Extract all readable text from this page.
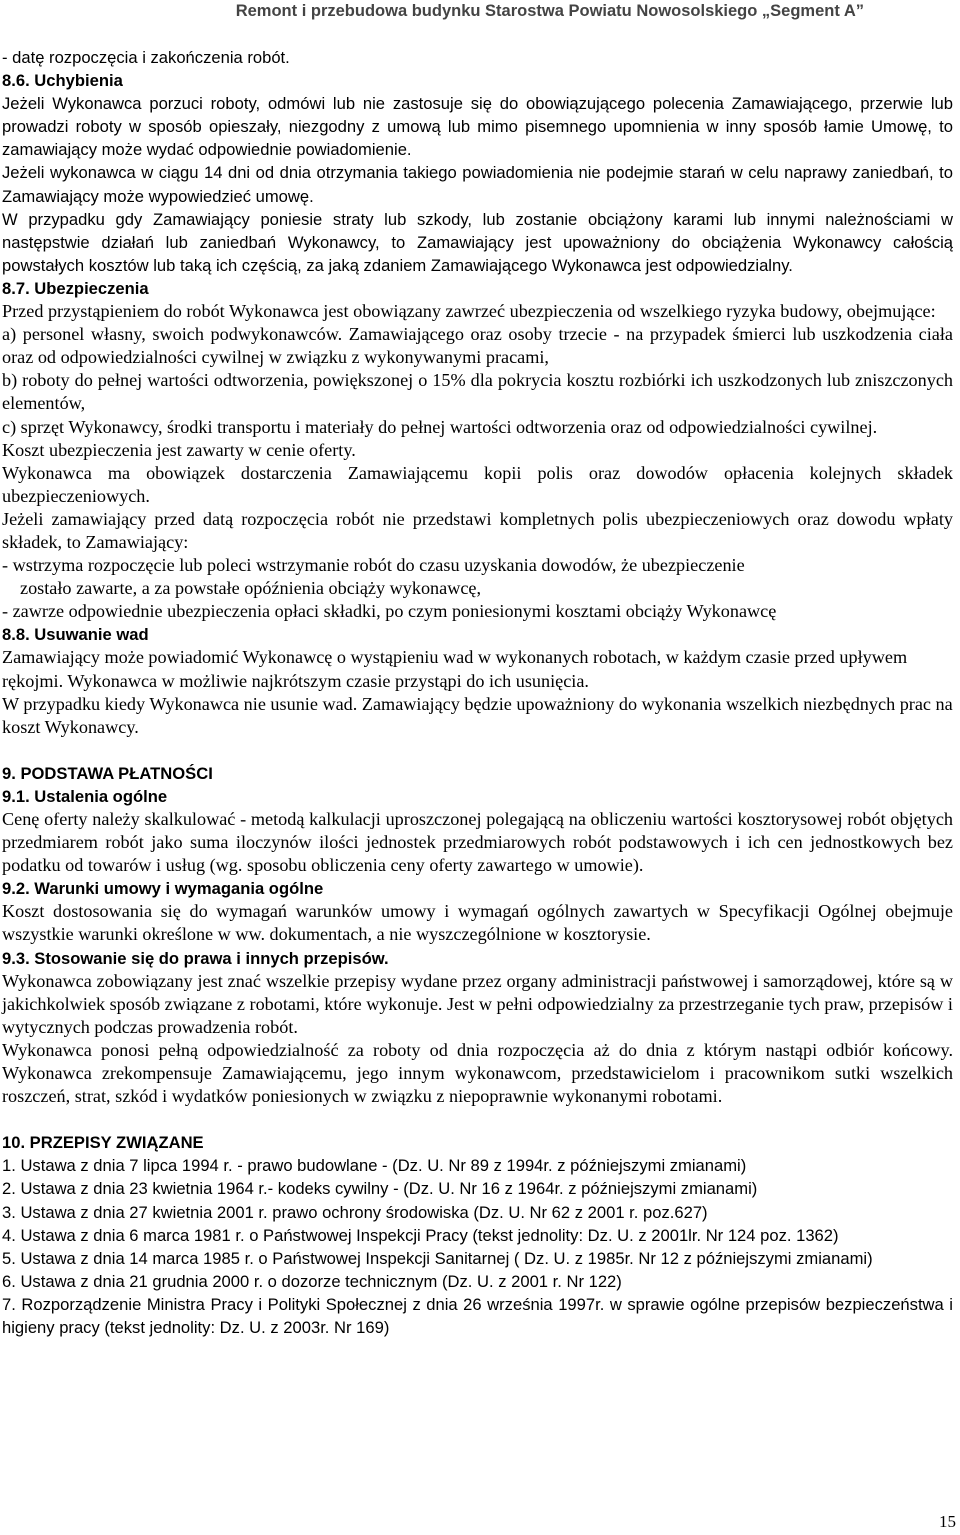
Remont i przebudowa budynku Starostwa Powiatu Nowosolskiego „Segment A”
- datę rozpoczęcia i zakończenia robót.
8.6. Uchybienia
Jeżeli Wykonawca porzuci roboty, odmówi lub nie zastosuje się do obowiązującego polecenia Zamawiającego, przerwie lub prowadzi roboty w sposób opieszały, niezgodny z umową lub mimo pisemnego upomnienia w inny sposób łamie Umowę, to zamawiający może wydać odpowiednie powiadomienie.
Jeżeli wykonawca w ciągu 14 dni od dnia otrzymania takiego powiadomienia nie podejmie starań w celu naprawy zaniedbań, to Zamawiający może wypowiedzieć umowę.
W przypadku gdy Zamawiający poniesie straty lub szkody, lub zostanie obciążony karami lub innymi należnościami w następstwie działań lub zaniedbań Wykonawcy, to Zamawiający jest upoważniony do obciążenia Wykonawcy całością powstałych kosztów lub taką ich częścią, za jaką zdaniem Zamawiającego Wykonawca jest odpowiedzialny.
8.7. Ubezpieczenia
Przed przystąpieniem do robót Wykonawca jest obowiązany zawrzeć ubezpieczenia od wszelkiego ryzyka budowy, obejmujące:
a) personel własny, swoich podwykonawców. Zamawiającego oraz osoby trzecie - na przypadek śmierci lub uszkodzenia ciała oraz od odpowiedzialności cywilnej w związku z wykonywanymi pracami,
b) roboty do pełnej wartości odtworzenia, powiększonej o 15% dla pokrycia kosztu rozbiórki ich uszkodzonych lub zniszczonych elementów,
c) sprzęt Wykonawcy, środki transportu i materiały do pełnej wartości odtworzenia oraz od odpowiedzialności cywilnej.
Koszt ubezpieczenia jest zawarty w cenie oferty.
Wykonawca ma obowiązek dostarczenia Zamawiającemu kopii polis oraz dowodów opłacenia kolejnych składek ubezpieczeniowych.
Jeżeli zamawiający przed datą rozpoczęcia robót nie przedstawi kompletnych polis ubezpieczeniowych oraz dowodu wpłaty składek, to Zamawiający:
- wstrzyma rozpoczęcie lub poleci wstrzymanie robót do czasu uzyskania dowodów, że ubezpieczenie
zostało zawarte, a za powstałe opóźnienia obciąży wykonawcę,
- zawrze odpowiednie ubezpieczenia opłaci składki, po czym poniesionymi kosztami obciąży Wykonawcę
8.8. Usuwanie wad
Zamawiający może powiadomić Wykonawcę o wystąpieniu wad w wykonanych robotach, w każdym czasie przed upływem rękojmi. Wykonawca w możliwie najkrótszym czasie przystąpi do ich usunięcia.
W przypadku kiedy Wykonawca nie usunie wad. Zamawiający będzie upoważniony do wykonania wszelkich niezbędnych prac na koszt Wykonawcy.
9. PODSTAWA PŁATNOŚCI
9.1. Ustalenia ogólne
Cenę oferty należy skalkulować - metodą kalkulacji uproszczonej polegającą na obliczeniu wartości kosztorysowej robót objętych przedmiarem robót jako suma iloczynów ilości jednostek przedmiarowych robót podstawowych i ich cen jednostkowych bez podatku od towarów i usług (wg. sposobu obliczenia ceny oferty zawartego w umowie).
9.2. Warunki umowy i wymagania ogólne
Koszt dostosowania się do wymagań warunków umowy i wymagań ogólnych zawartych w Specyfikacji Ogólnej obejmuje wszystkie warunki określone w ww. dokumentach, a nie wyszczególnione w kosztorysie.
9.3. Stosowanie się do prawa i innych przepisów.
Wykonawca zobowiązany jest znać wszelkie przepisy wydane przez organy administracji państwowej i samorządowej, które są w jakichkolwiek sposób związane z robotami, które wykonuje. Jest w pełni odpowiedzialny za przestrzeganie tych praw, przepisów i wytycznych podczas prowadzenia robót.
Wykonawca ponosi pełną odpowiedzialność za roboty od dnia rozpoczęcia aż do dnia z którym nastąpi odbiór końcowy. Wykonawca zrekompensuje Zamawiającemu, jego innym wykonawcom, przedstawicielom i pracownikom sutki wszelkich roszczeń, strat, szkód i wydatków poniesionych w związku z niepoprawnie wykonanymi robotami.
10. PRZEPISY ZWIĄZANE
1. Ustawa z dnia 7 lipca 1994 r. - prawo budowlane - (Dz. U. Nr 89 z 1994r. z późniejszymi zmianami)
2. Ustawa z dnia 23 kwietnia 1964 r.- kodeks cywilny - (Dz. U. Nr 16 z 1964r. z późniejszymi zmianami)
3. Ustawa z dnia 27 kwietnia 2001 r. prawo ochrony środowiska (Dz. U. Nr 62 z 2001 r. poz.627)
4. Ustawa z dnia 6 marca 1981 r. o Państwowej Inspekcji Pracy (tekst jednolity: Dz. U. z 2001lr. Nr 124 poz. 1362)
5. Ustawa z dnia 14 marca 1985 r. o Państwowej Inspekcji Sanitarnej ( Dz. U. z 1985r. Nr 12 z późniejszymi zmianami)
6. Ustawa z dnia 21 grudnia 2000 r. o dozorze technicznym (Dz. U. z 2001 r. Nr 122)
7. Rozporządzenie Ministra Pracy i Polityki Społecznej z dnia 26 września 1997r. w sprawie ogólne przepisów bezpieczeństwa i higieny pracy (tekst jednolity: Dz. U. z 2003r. Nr 169)
15
